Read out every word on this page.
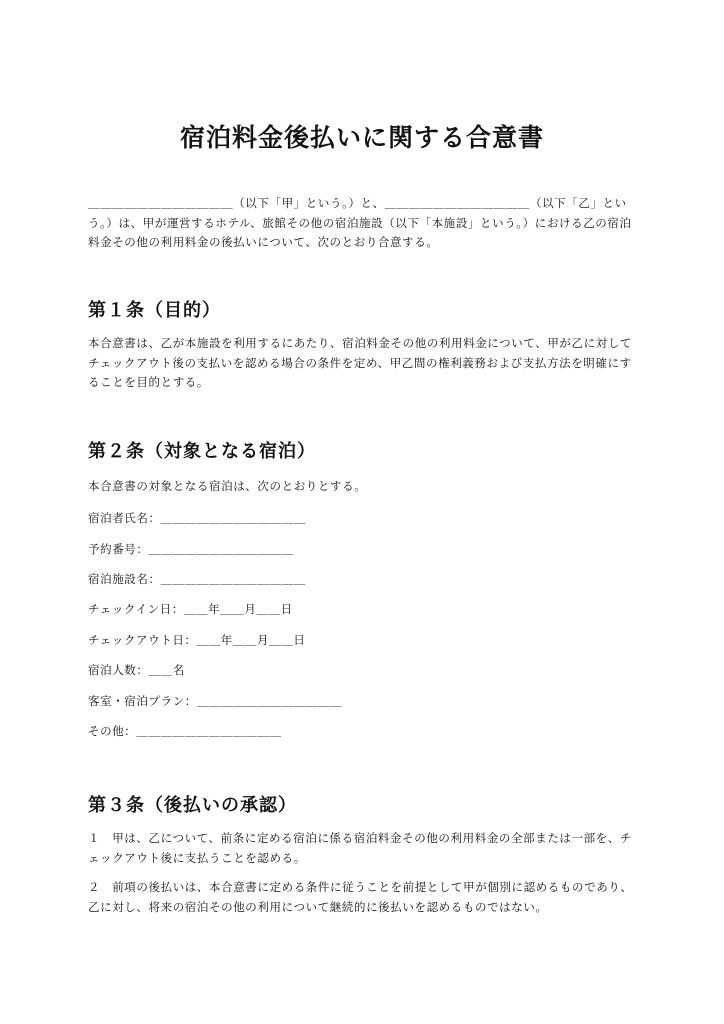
宿泊料金後払いに関する合意書

＿＿＿＿＿＿＿＿＿＿＿＿（以下「甲」という。）と、＿＿＿＿＿＿＿＿＿＿＿＿（以下「乙」という。）は、甲が運営するホテル、旅館その他の宿泊施設（以下「本施設」という。）における乙の宿泊料金その他の利用料金の後払いについて、次のとおり合意する。

第１条（目的）

本合意書は、乙が本施設を利用するにあたり、宿泊料金その他の利用料金について、甲が乙に対してチェックアウト後の支払いを認める場合の条件を定め、甲乙間の権利義務および支払方法を明確にすることを目的とする。

第２条（対象となる宿泊）

本合意書の対象となる宿泊は、次のとおりとする。

宿泊者氏名：＿＿＿＿＿＿＿＿＿＿＿＿

予約番号：＿＿＿＿＿＿＿＿＿＿＿＿

宿泊施設名：＿＿＿＿＿＿＿＿＿＿＿＿

チェックイン日：＿＿年＿＿月＿＿日

チェックアウト日：＿＿年＿＿月＿＿日

宿泊人数：＿＿名

客室・宿泊プラン：＿＿＿＿＿＿＿＿＿＿＿＿

その他：＿＿＿＿＿＿＿＿＿＿＿＿

第３条（後払いの承認）

１　甲は、乙について、前条に定める宿泊に係る宿泊料金その他の利用料金の全部または一部を、チェックアウト後に支払うことを認める。

２　前項の後払いは、本合意書に定める条件に従うことを前提として甲が個別に認めるものであり、乙に対し、将来の宿泊その他の利用について継続的に後払いを認めるものではない。
